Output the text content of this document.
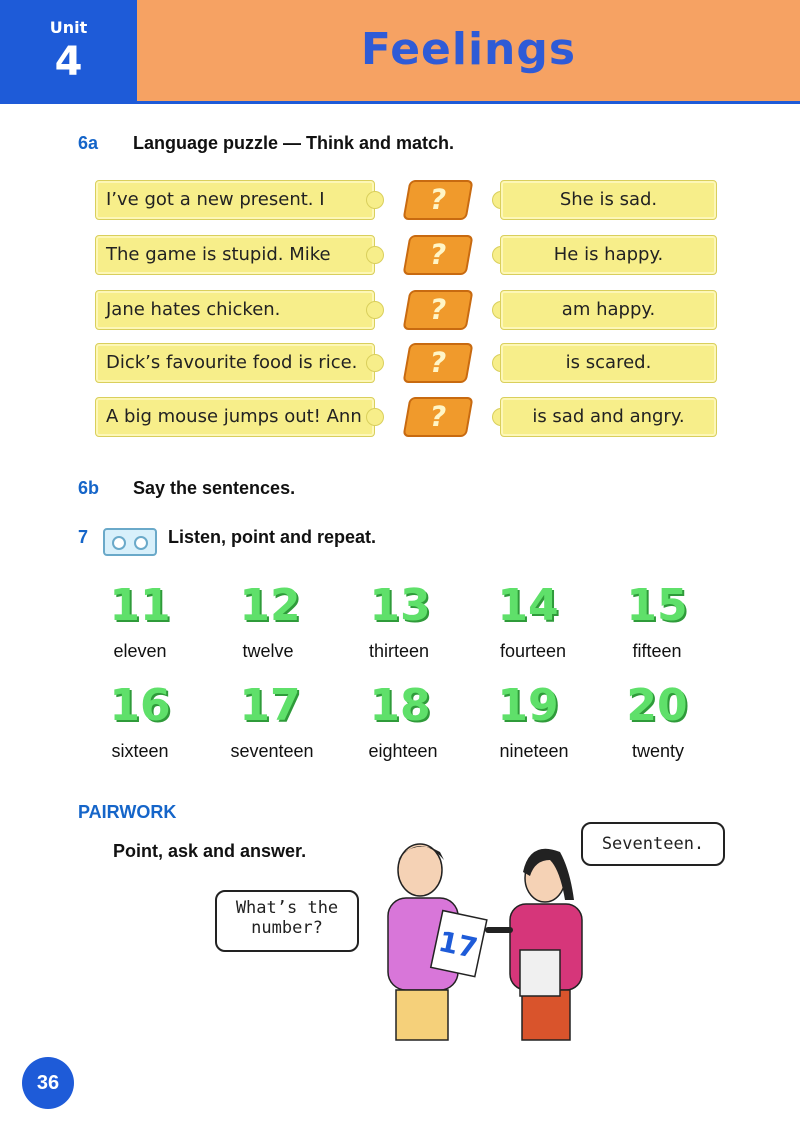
Unit
4	Feelings
6a Language puzzle — Think and match.
I’ve got a new present. I	?	She is sad.
The game is stupid. Mike	?	He is happy.
Jane hates chicken.	?	am happy.
Dick’s favourite food is rice.	?	is scared.
A big mouse jumps out! Ann	?	is sad and angry.
6b Say the sentences.
7	Listen, point and repeat.
11	12	13	14	15
eleven	twelve	thirteen	fourteen	fifteen
16	17	18	19	20
sixteen	seventeen	eighteen	nineteen	twenty
PAIRWORK
Point, ask and answer.
What’s the number?
Seventeen.
17
36
